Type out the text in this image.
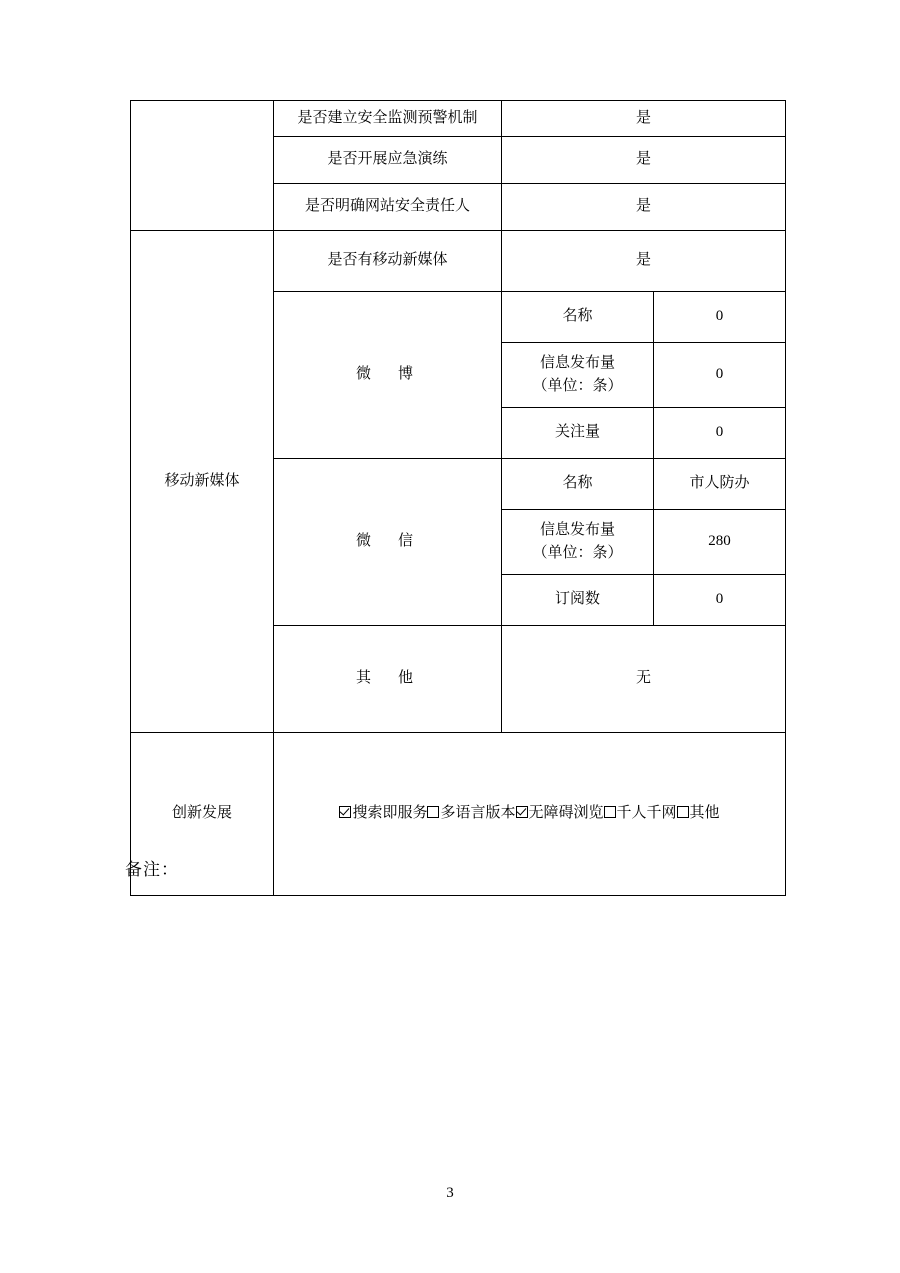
	是否建立安全监测预警机制	是	
	是否开展应急演练	是	
	是否明确网站安全责任人	是	
移动新媒体	是否有移动新媒体	是	
	微　博	名称	0

		信息发布量
（单位：条）	0
		关注量	0
	微　信	名称	市人防办

		信息发布量
（单位：条）	280
		订阅数	0
	其　他	无	
创新发展	搜索即服务 多语言版本 无障碍浏览 千人千网 其他		
备注：
3
